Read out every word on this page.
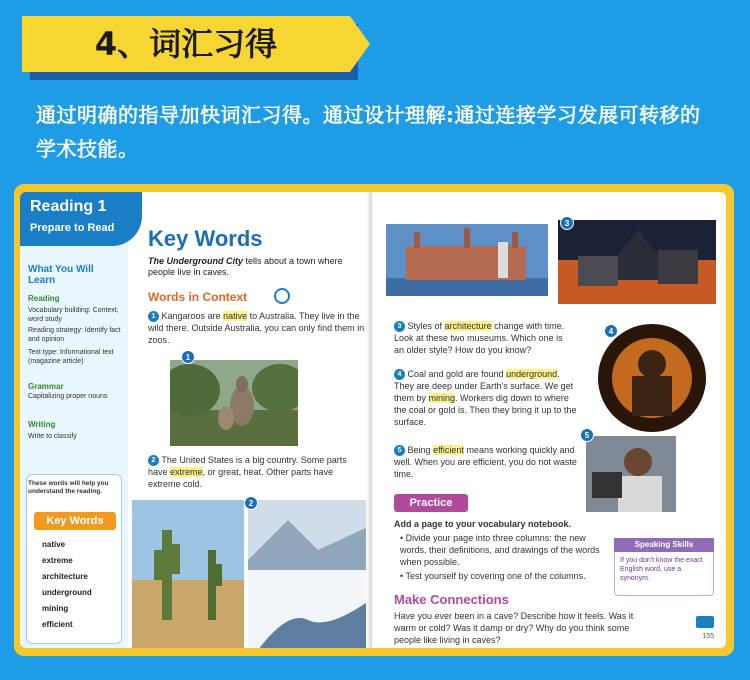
4、词汇习得
通过明确的指导加快词汇习得。通过设计理解:通过连接学习发展可转移的学术技能。
Reading 1
Prepare to Read
What You Will Learn
Reading
Vocabulary building: Context, word study
Reading strategy: Identify fact and opinion
Text type: Informational text (magazine article)
Grammar
Capitalizing proper nouns
Writing
Write to classify
These words will help you understand the reading.
Key Words
native
extreme
architecture
underground
mining
efficient
Key Words
The Underground City tells about a town where people live in caves.
Words in Context
1 Kangaroos are native to Australia. They live in the wild there. Outside Australia, you can only find them in zoos.
1
2 The United States is a big country. Some parts have extreme, or great, heat. Other parts have extreme cold.
2
3
3 Styles of architecture change with time. Look at these two museums. Which one is an older style? How do you know?
4
4 Coal and gold are found underground. They are deep under Earth's surface. We get them by mining. Workers dig down to where the coal or gold is. Then they bring it up to the surface.
5
5 Being efficient means working quickly and well. When you are efficient, you do not waste time.
Practice
Add a page to your vocabulary notebook.
• Divide your page into three columns: the new words, their definitions, and drawings of the words when possible.
• Test yourself by covering one of the columns.
Speaking Skills
If you don't know the exact English word, use a synonym.
Make Connections
Have you ever been in a cave? Describe how it feels. Was it warm or cold? Was it damp or dry? Why do you think some people like living in caves?	155
